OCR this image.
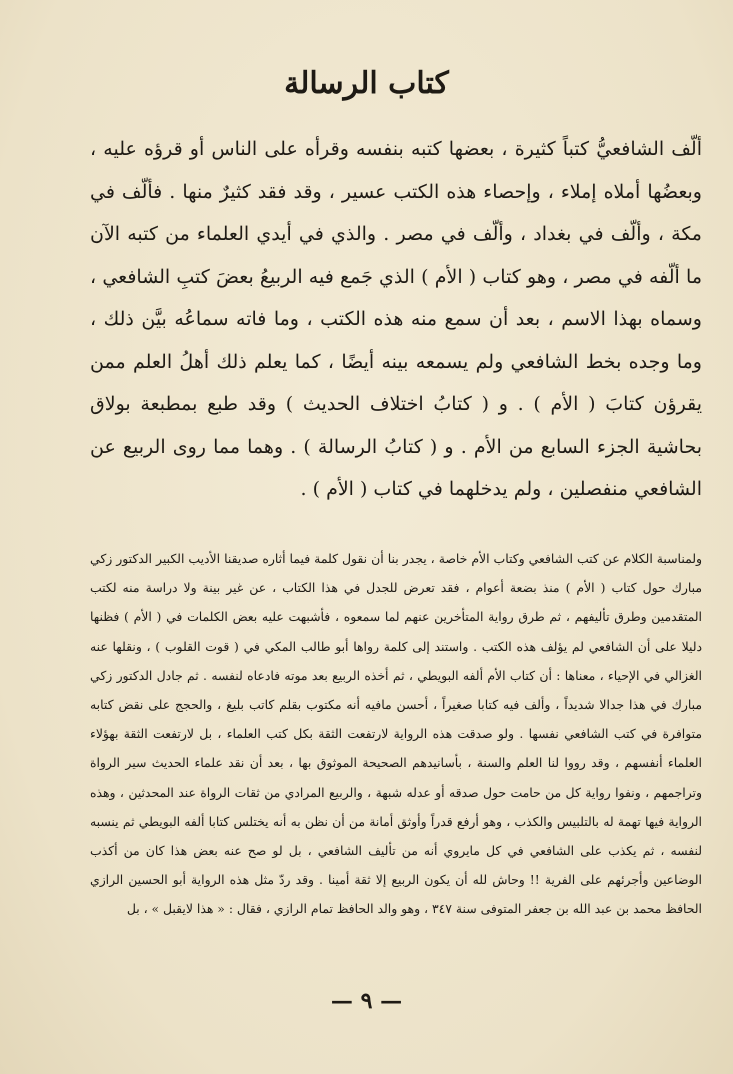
كتاب الرسالة

ألّف الشافعيُّ كتباً كثيرة ، بعضها كتبه بنفسه وقرأه على الناس أو قرؤه عليه ، وبعضُها أملاه إملاء ، وإحصاء هذه الكتب عسير ، وقد فقد كثيرٌ منها . فألّف في مكة ، وألّف في بغداد ، وألّف في مصر . والذي في أيدي العلماء من كتبه الآن ما ألّفه في مصر ، وهو كتاب ( الأم ) الذي جَمع فيه الربيعُ بعضَ كتبِ الشافعي ، وسماه بهذا الاسم ، بعد أن سمع منه هذه الكتب ، وما فاته سماعُه بيَّن ذلك ، وما وجده بخط الشافعي ولم يسمعه بينه أيضًا ، كما يعلم ذلك أهلُ العلم ممن يقرؤن كتابَ ( الأم ) . و ( كتابُ اختلاف الحديث ) وقد طبع بمطبعة بولاق بحاشية الجزء السابع من الأم . و ( كتابُ الرسالة ) . وهما مما روى الربيع عن الشافعي منفصلين ، ولم يدخلهما في كتاب ( الأم ) .

ولمناسبة الكلام عن كتب الشافعي وكتاب الأم خاصة ، يجدر بنا أن نقول كلمة فيما أثاره صديقنا الأديب الكبير الدكتور زكي مبارك حول كتاب ( الأم ) منذ بضعة أعوام ، فقد تعرض للجدل في هذا الكتاب ، عن غير بينة ولا دراسة منه لكتب المتقدمين وطرق تأليفهم ، ثم طرق رواية المتأخرين عنهم لما سمعوه ، فأشبهت عليه بعض الكلمات في ( الأم ) فظنها دليلا على أن الشافعي لم يؤلف هذه الكتب . واستند إلى كلمة رواها أبو طالب المكي في ( قوت القلوب ) ، ونقلها عنه الغزالي في الإحياء ، معناها : أن كتاب الأم ألفه البويطي ، ثم أخذه الربيع بعد موته فادعاه لنفسه . ثم جادل الدكتور زكي مبارك في هذا جدالا شديداً ، وألف فيه كتابا صغيراً ، أحسن مافيه أنه مكتوب بقلم كاتب بليغ ، والحجج على نقض كتابه متوافرة في كتب الشافعي نفسها . ولو صدقت هذه الرواية لارتفعت الثقة بكل كتب العلماء ، بل لارتفعت الثقة بهؤلاء العلماء أنفسهم ، وقد رووا لنا العلم والسنة ، بأسانيدهم الصحيحة الموثوق بها ، بعد أن نقد علماء الحديث سير الرواة وتراجمهم ، ونفوا رواية كل من حامت حول صدقه أو عدله شبهة ، والربيع المرادي من ثقات الرواة عند المحدثين ، وهذه الرواية فيها تهمة له بالتلبيس والكذب ، وهو أرفع قدراً وأوثق أمانة من أن نظن به أنه يختلس كتابا ألفه البويطي ثم ينسبه لنفسه ، ثم يكذب على الشافعي في كل مايروي أنه من تأليف الشافعي ، بل لو صح عنه بعض هذا كان من أكذب الوضاعين وأجرئهم على الفرية !! وحاش لله أن يكون الربيع إلا ثقة أمينا . وقد ردّ مثل هذه الرواية أبو الحسين الرازي الحافظ محمد بن عبد الله بن جعفر المتوفى سنة ٣٤٧ ، وهو والد الحافظ تمام الرازي ، فقال : « هذا لايقبل » ، بل

— ٩ —
